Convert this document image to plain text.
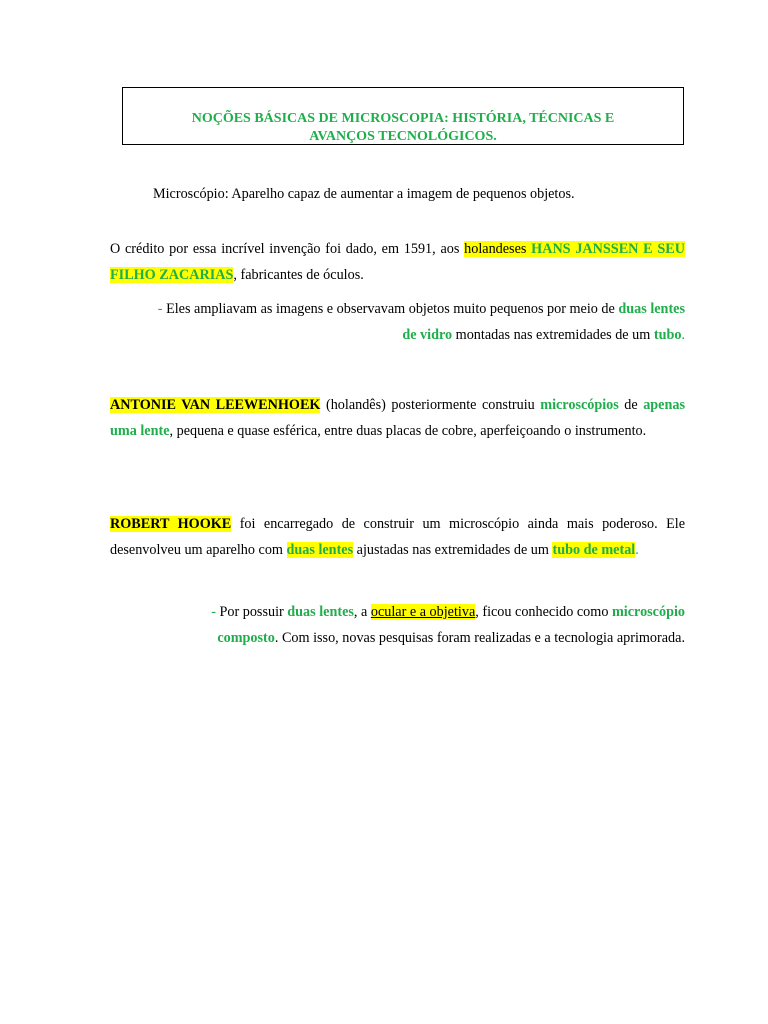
NOÇÕES BÁSICAS DE MICROSCOPIA: HISTÓRIA, TÉCNICAS E
AVANÇOS TECNOLÓGICOS.
Microscópio: Aparelho capaz de aumentar a imagem de pequenos objetos.
O crédito por essa incrível invenção foi dado, em 1591, aos holandeses HANS JANSSEN E SEU FILHO ZACARIAS, fabricantes de óculos.
- Eles ampliavam as imagens e observavam objetos muito pequenos por meio de duas lentes
de vidro montadas nas extremidades de um tubo.
ANTONIE VAN LEEWENHOEK (holandês) posteriormente construiu microscópios de apenas uma lente, pequena e quase esférica, entre duas placas de cobre, aperfeiçoando o instrumento.
ROBERT HOOKE foi encarregado de construir um microscópio ainda mais poderoso. Ele desenvolveu um aparelho com duas lentes ajustadas nas extremidades de um tubo de metal.
- Por possuir duas lentes, a ocular e a objetiva, ficou conhecido como microscópio composto. Com isso, novas pesquisas foram realizadas e a tecnologia aprimorada.
